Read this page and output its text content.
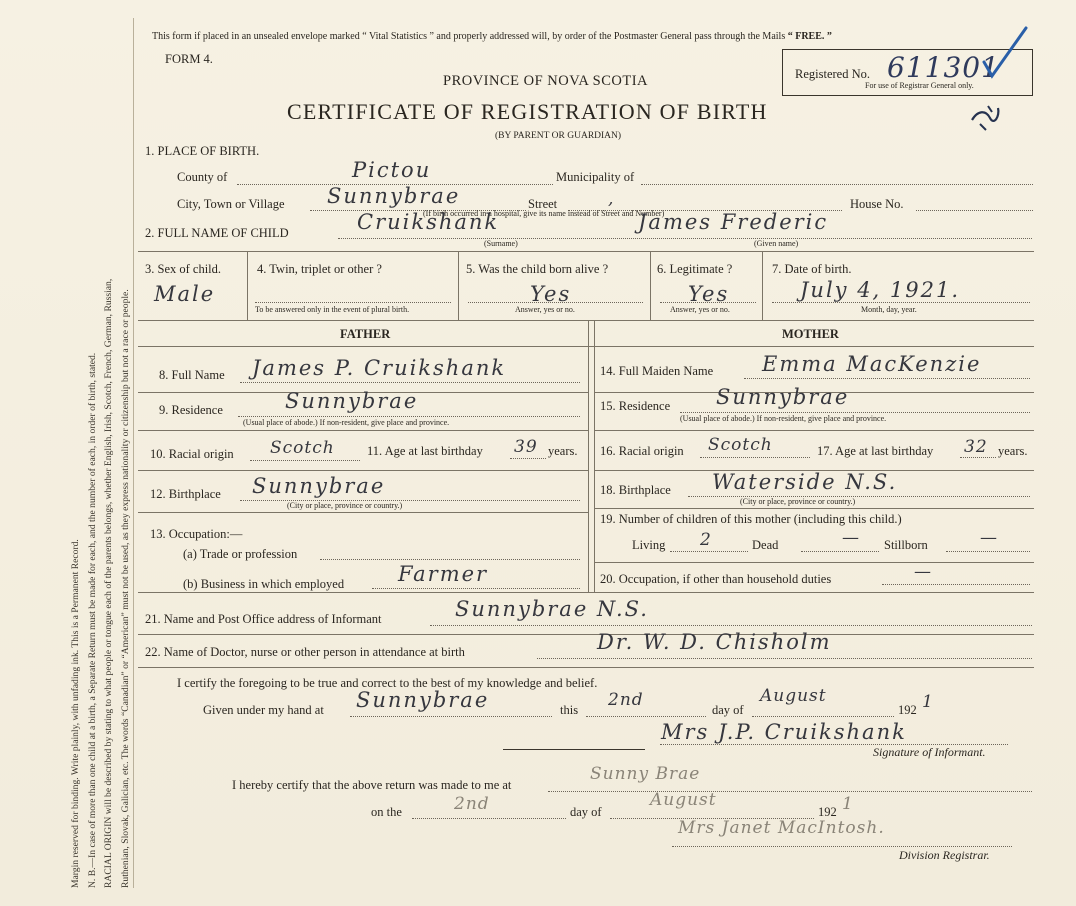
Margin reserved for binding. Write plainly, with unfading ink. This is a Permanent Record. N. B.—In case of more than one child at a birth, a Separate Return must be made for each, and the number of each, in order of birth, stated. RACIAL ORIGIN will be described by stating to what people or tongue each of the parents belongs, whether English, Irish, Scotch, French, German, Russian, Ruthenian, Slovak, Galician, etc. The words “Canadian” or “American” must not be used, as they express nationality or citizenship but not a race or people.
This form if placed in an unsealed envelope marked “ Vital Statistics ” and properly addressed will, by order of the Postmaster General pass through the Mails “ FREE. ”
FORM 4.
PROVINCE OF NOVA SCOTIA
CERTIFICATE OF REGISTRATION OF BIRTH
(BY PARENT OR GUARDIAN)
Registered No. 611301
For use of Registrar General only.
1. PLACE OF BIRTH.
County of	Pictou	Municipality of
City, Town or Village Sunnybrae	Street	,	House No.
(If birth occurred in a hospital, give its name instead of Street and Number)
2. FULL NAME OF CHILD	Cruikshank	James Frederic
(Surname)	(Given name)
3. Sex of child.
Male
4. Twin, triplet or other ?
To be answered only in the event of plural birth.
5. Was the child born alive ?
Yes
Answer, yes or no.
6. Legitimate ?
Yes
Answer, yes or no.
7. Date of birth.
July 4, 1921.
Month, day, year.
FATHER	MOTHER
8. Full Name James P. Cruikshank
9. Residence	Sunnybrae
(Usual place of abode.) If non-resident, give place and province.
10. Racial origin Scotch	11. Age at last birthday 39 years.
12. Birthplace Sunnybrae
(City or place, province or country.)
13. Occupation:—
(a) Trade or profession
(b) Business in which employed	Farmer
14. Full Maiden Name Emma MacKenzie
15. Residence Sunnybrae
(Usual place of abode.) If non-resident, give place and province.
16. Racial origin Scotch	17. Age at last birthday 32 years.
18. Birthplace Waterside N.S.
(City or place, province or country.)
19. Number of children of this mother (including this child.)
Living 2	Dead	— Stillborn	—
20. Occupation, if other than household duties	—
21. Name and Post Office address of Informant	Sunnybrae N.S.
22. Name of Doctor, nurse or other person in attendance at birth	Dr. W. D. Chisholm
I certify the foregoing to be true and correct to the best of my knowledge and belief.
Given under my hand at Sunnybrae	this 2nd	day of
August
192 1
Mrs J.P. Cruikshank
Signature of Informant.
I hereby certify that the above return was made to me at
Sunny Brae
on the	2nd	day of
August
192 1
Mrs Janet MacIntosh.
Division Registrar.
